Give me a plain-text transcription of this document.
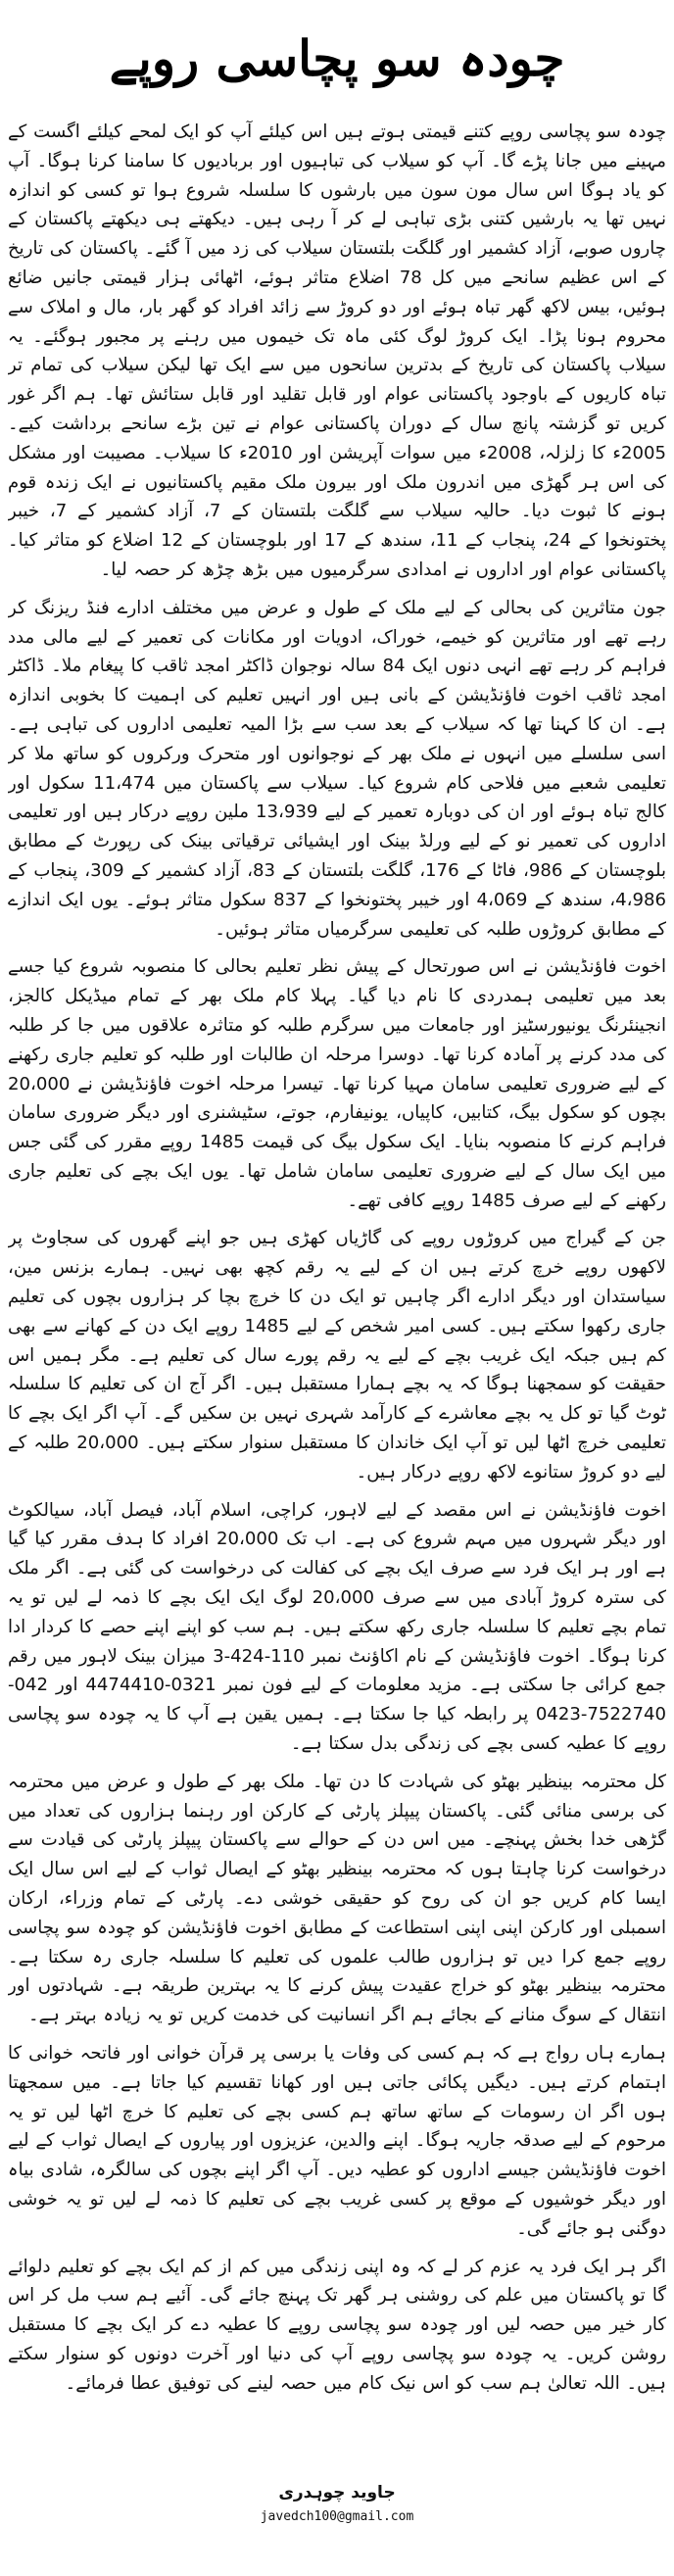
چودہ سو پچاسی روپے

چودہ سو پچاسی روپے کتنے قیمتی ہوتے ہیں اس کیلئے آپ کو ایک لمحے کیلئے اگست کے مہینے میں جانا پڑے گا۔ آپ کو سیلاب کی تباہیوں اور بربادیوں کا سامنا کرنا ہوگا۔ آپ کو یاد ہوگا اس سال مون سون میں بارشوں کا سلسلہ شروع ہوا تو کسی کو اندازہ نہیں تھا یہ بارشیں کتنی بڑی تباہی لے کر آ رہی ہیں۔ دیکھتے ہی دیکھتے پاکستان کے چاروں صوبے، آزاد کشمیر اور گلگت بلتستان سیلاب کی زد میں آ گئے۔ پاکستان کی تاریخ کے اس عظیم سانحے میں کل 78 اضلاع متاثر ہوئے، اٹھائی ہزار قیمتی جانیں ضائع ہوئیں، بیس لاکھ گھر تباہ ہوئے اور دو کروڑ سے زائد افراد کو گھر بار، مال و املاک سے محروم ہونا پڑا۔ ایک کروڑ لوگ کئی ماہ تک خیموں میں رہنے پر مجبور ہوگئے۔ یہ سیلاب پاکستان کی تاریخ کے بدترین سانحوں میں سے ایک تھا لیکن سیلاب کی تمام تر تباہ کاریوں کے باوجود پاکستانی عوام اور قابل تقلید اور قابل ستائش تھا۔ ہم اگر غور کریں تو گزشتہ پانچ سال کے دوران پاکستانی عوام نے تین بڑے سانحے برداشت کیے۔ 2005ء کا زلزلہ، 2008ء میں سوات آپریشن اور 2010ء کا سیلاب۔ مصیبت اور مشکل کی اس ہر گھڑی میں اندرون ملک اور بیرون ملک مقیم پاکستانیوں نے ایک زندہ قوم ہونے کا ثبوت دیا۔ حالیہ سیلاب سے گلگت بلتستان کے 7، آزاد کشمیر کے 7، خیبر پختونخوا کے 24، پنجاب کے 11، سندھ کے 17 اور بلوچستان کے 12 اضلاع کو متاثر کیا۔ پاکستانی عوام اور اداروں نے امدادی سرگرمیوں میں بڑھ چڑھ کر حصہ لیا۔

جون متاثرین کی بحالی کے لیے ملک کے طول و عرض میں مختلف ادارے فنڈ ریزنگ کر رہے تھے اور متاثرین کو خیمے، خوراک، ادویات اور مکانات کی تعمیر کے لیے مالی مدد فراہم کر رہے تھے انہی دنوں ایک 84 سالہ نوجوان ڈاکٹر امجد ثاقب کا پیغام ملا۔ ڈاکٹر امجد ثاقب اخوت فاؤنڈیشن کے بانی ہیں اور انہیں تعلیم کی اہمیت کا بخوبی اندازہ ہے۔ ان کا کہنا تھا کہ سیلاب کے بعد سب سے بڑا المیہ تعلیمی اداروں کی تباہی ہے۔ اسی سلسلے میں انہوں نے ملک بھر کے نوجوانوں اور متحرک ورکروں کو ساتھ ملا کر تعلیمی شعبے میں فلاحی کام شروع کیا۔ سیلاب سے پاکستان میں 11،474 سکول اور کالج تباہ ہوئے اور ان کی دوبارہ تعمیر کے لیے 13،939 ملین روپے درکار ہیں اور تعلیمی اداروں کی تعمیر نو کے لیے ورلڈ بینک اور ایشیائی ترقیاتی بینک کی رپورٹ کے مطابق بلوچستان کے 986، فاٹا کے 176، گلگت بلتستان کے 83، آزاد کشمیر کے 309، پنجاب کے 4،986، سندھ کے 4،069 اور خیبر پختونخوا کے 837 سکول متاثر ہوئے۔ یوں ایک اندازے کے مطابق کروڑوں طلبہ کی تعلیمی سرگرمیاں متاثر ہوئیں۔

اخوت فاؤنڈیشن نے اس صورتحال کے پیش نظر تعلیم بحالی کا منصوبہ شروع کیا جسے بعد میں تعلیمی ہمدردی کا نام دیا گیا۔ پہلا کام ملک بھر کے تمام میڈیکل کالجز، انجینئرنگ یونیورسٹیز اور جامعات میں سرگرم طلبہ کو متاثرہ علاقوں میں جا کر طلبہ کی مدد کرنے پر آمادہ کرنا تھا۔ دوسرا مرحلہ ان طالبات اور طلبہ کو تعلیم جاری رکھنے کے لیے ضروری تعلیمی سامان مہیا کرنا تھا۔ تیسرا مرحلہ اخوت فاؤنڈیشن نے 20،000 بچوں کو سکول بیگ، کتابیں، کاپیاں، یونیفارم، جوتے، سٹیشنری اور دیگر ضروری سامان فراہم کرنے کا منصوبہ بنایا۔ ایک سکول بیگ کی قیمت 1485 روپے مقرر کی گئی جس میں ایک سال کے لیے ضروری تعلیمی سامان شامل تھا۔ یوں ایک بچے کی تعلیم جاری رکھنے کے لیے صرف 1485 روپے کافی تھے۔

جن کے گیراج میں کروڑوں روپے کی گاڑیاں کھڑی ہیں جو اپنے گھروں کی سجاوٹ پر لاکھوں روپے خرچ کرتے ہیں ان کے لیے یہ رقم کچھ بھی نہیں۔ ہمارے بزنس مین، سیاستدان اور دیگر ادارے اگر چاہیں تو ایک دن کا خرچ بچا کر ہزاروں بچوں کی تعلیم جاری رکھوا سکتے ہیں۔ کسی امیر شخص کے لیے 1485 روپے ایک دن کے کھانے سے بھی کم ہیں جبکہ ایک غریب بچے کے لیے یہ رقم پورے سال کی تعلیم ہے۔ مگر ہمیں اس حقیقت کو سمجھنا ہوگا کہ یہ بچے ہمارا مستقبل ہیں۔ اگر آج ان کی تعلیم کا سلسلہ ٹوٹ گیا تو کل یہ بچے معاشرے کے کارآمد شہری نہیں بن سکیں گے۔ آپ اگر ایک بچے کا تعلیمی خرچ اٹھا لیں تو آپ ایک خاندان کا مستقبل سنوار سکتے ہیں۔ 20،000 طلبہ کے لیے دو کروڑ ستانوے لاکھ روپے درکار ہیں۔

اخوت فاؤنڈیشن نے اس مقصد کے لیے لاہور، کراچی، اسلام آباد، فیصل آباد، سیالکوٹ اور دیگر شہروں میں مہم شروع کی ہے۔ اب تک 20،000 افراد کا ہدف مقرر کیا گیا ہے اور ہر ایک فرد سے صرف ایک بچے کی کفالت کی درخواست کی گئی ہے۔ اگر ملک کی سترہ کروڑ آبادی میں سے صرف 20،000 لوگ ایک ایک بچے کا ذمہ لے لیں تو یہ تمام بچے تعلیم کا سلسلہ جاری رکھ سکتے ہیں۔ ہم سب کو اپنے اپنے حصے کا کردار ادا کرنا ہوگا۔ اخوت فاؤنڈیشن کے نام اکاؤنٹ نمبر 110-424-3 میزان بینک لاہور میں رقم جمع کرائی جا سکتی ہے۔ مزید معلومات کے لیے فون نمبر 0321-4474410 اور 042-7522740-0423 پر رابطہ کیا جا سکتا ہے۔ ہمیں یقین ہے آپ کا یہ چودہ سو پچاسی روپے کا عطیہ کسی بچے کی زندگی بدل سکتا ہے۔

کل محترمہ بینظیر بھٹو کی شہادت کا دن تھا۔ ملک بھر کے طول و عرض میں محترمہ کی برسی منائی گئی۔ پاکستان پیپلز پارٹی کے کارکن اور رہنما ہزاروں کی تعداد میں گڑھی خدا بخش پہنچے۔ میں اس دن کے حوالے سے پاکستان پیپلز پارٹی کی قیادت سے درخواست کرنا چاہتا ہوں کہ محترمہ بینظیر بھٹو کے ایصال ثواب کے لیے اس سال ایک ایسا کام کریں جو ان کی روح کو حقیقی خوشی دے۔ پارٹی کے تمام وزراء، ارکان اسمبلی اور کارکن اپنی اپنی استطاعت کے مطابق اخوت فاؤنڈیشن کو چودہ سو پچاسی روپے جمع کرا دیں تو ہزاروں طالب علموں کی تعلیم کا سلسلہ جاری رہ سکتا ہے۔ محترمہ بینظیر بھٹو کو خراج عقیدت پیش کرنے کا یہ بہترین طریقہ ہے۔ شہادتوں اور انتقال کے سوگ منانے کے بجائے ہم اگر انسانیت کی خدمت کریں تو یہ زیادہ بہتر ہے۔

ہمارے ہاں رواج ہے کہ ہم کسی کی وفات یا برسی پر قرآن خوانی اور فاتحہ خوانی کا اہتمام کرتے ہیں۔ دیگیں پکائی جاتی ہیں اور کھانا تقسیم کیا جاتا ہے۔ میں سمجھتا ہوں اگر ان رسومات کے ساتھ ساتھ ہم کسی بچے کی تعلیم کا خرچ اٹھا لیں تو یہ مرحوم کے لیے صدقہ جاریہ ہوگا۔ اپنے والدین، عزیزوں اور پیاروں کے ایصال ثواب کے لیے اخوت فاؤنڈیشن جیسے اداروں کو عطیہ دیں۔ آپ اگر اپنے بچوں کی سالگرہ، شادی بیاہ اور دیگر خوشیوں کے موقع پر کسی غریب بچے کی تعلیم کا ذمہ لے لیں تو یہ خوشی دوگنی ہو جائے گی۔

اگر ہر ایک فرد یہ عزم کر لے کہ وہ اپنی زندگی میں کم از کم ایک بچے کو تعلیم دلوائے گا تو پاکستان میں علم کی روشنی ہر گھر تک پہنچ جائے گی۔ آئیے ہم سب مل کر اس کار خیر میں حصہ لیں اور چودہ سو پچاسی روپے کا عطیہ دے کر ایک بچے کا مستقبل روشن کریں۔ یہ چودہ سو پچاسی روپے آپ کی دنیا اور آخرت دونوں کو سنوار سکتے ہیں۔ اللہ تعالیٰ ہم سب کو اس نیک کام میں حصہ لینے کی توفیق عطا فرمائے۔

جاوید چوہدری
javedch100@gmail.com
